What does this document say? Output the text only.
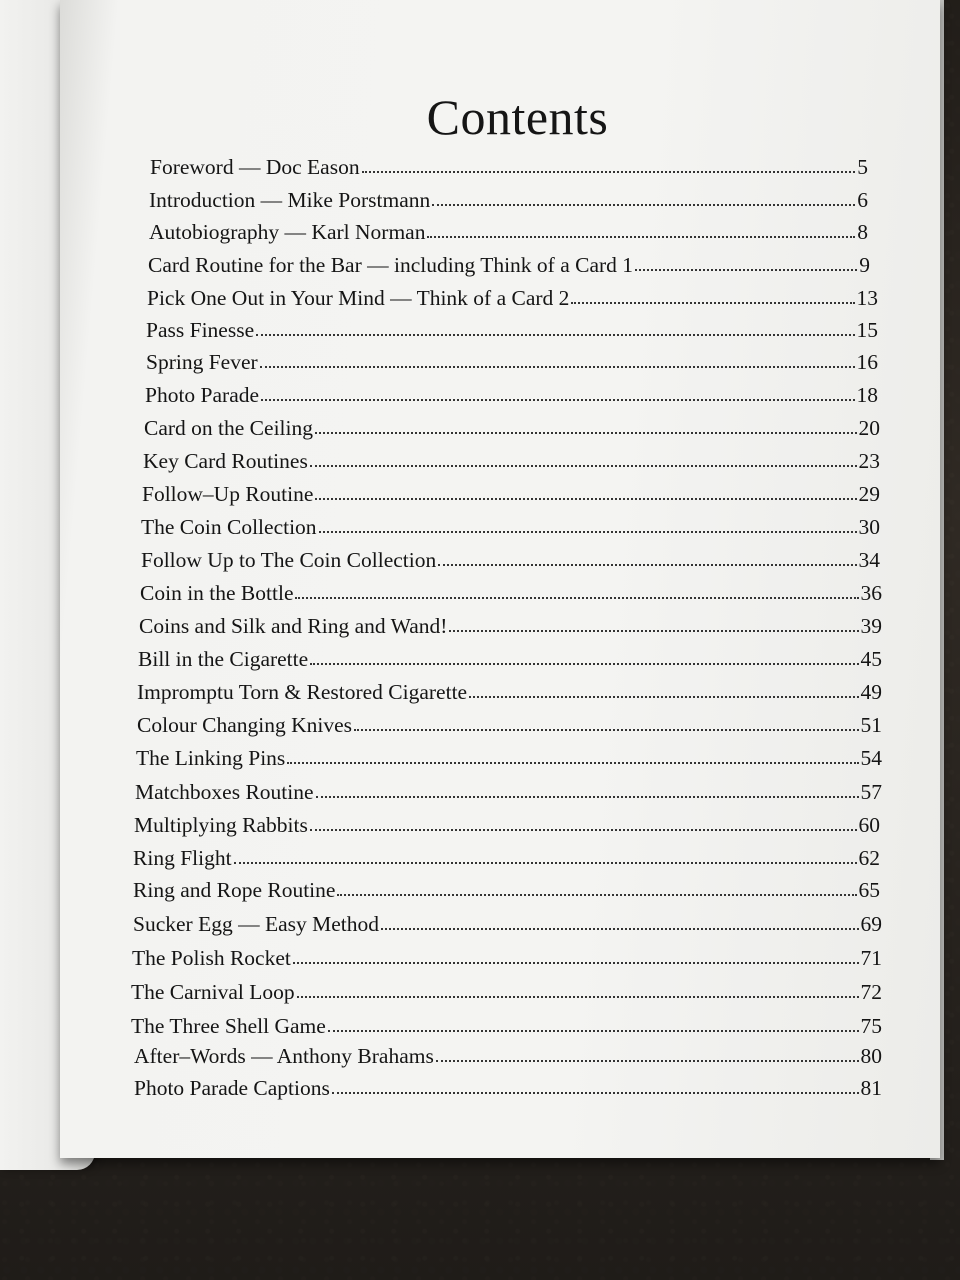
Contents
Foreword — Doc Eason	5
Introduction — Mike Porstmann	6
Autobiography — Karl Norman	8
Card Routine for the Bar — including Think of a Card 1	9
Pick One Out in Your Mind — Think of a Card 2	13
Pass Finesse	15
Spring Fever	16
Photo Parade	18
Card on the Ceiling	20
Key Card Routines	23
Follow–Up Routine	29
The Coin Collection	30
Follow Up to The Coin Collection	34
Coin in the Bottle	36
Coins and Silk and Ring and Wand!	39
Bill in the Cigarette	45
Impromptu Torn & Restored Cigarette	49
Colour Changing Knives	51
The Linking Pins	54
Matchboxes Routine	57
Multiplying Rabbits	60
Ring Flight	62
Ring and Rope Routine	65
Sucker Egg — Easy Method	69
The Polish Rocket	71
The Carnival Loop	72
The Three Shell Game	75
After–Words — Anthony Brahams	80
Photo Parade Captions	81
